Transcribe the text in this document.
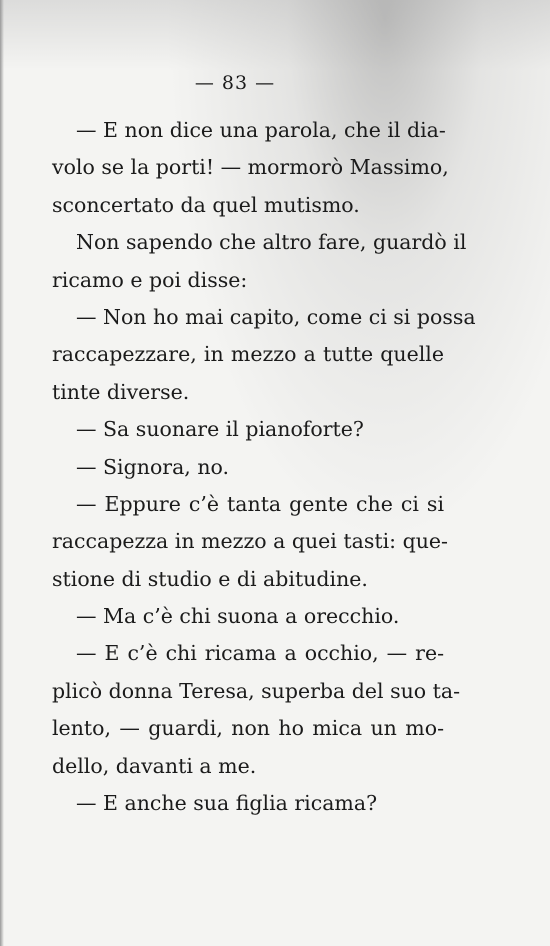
— 83 —
— E non dice una parola, che il dia-
volo se la porti! — mormorò Massimo,
sconcertato da quel mutismo.
Non sapendo che altro fare, guardò il
ricamo e poi disse:
— Non ho mai capito, come ci si possa
raccapezzare, in mezzo a tutte quelle
tinte diverse.
— Sa suonare il pianoforte?
— Signora, no.
— Eppure c’è tanta gente che ci si
raccapezza in mezzo a quei tasti: que-
stione di studio e di abitudine.
— Ma c’è chi suona a orecchio.
— E c’è chi ricama a occhio, — re-
plicò donna Teresa, superba del suo ta-
lento, — guardi, non ho mica un mo-
dello, davanti a me.
— E anche sua figlia ricama?
